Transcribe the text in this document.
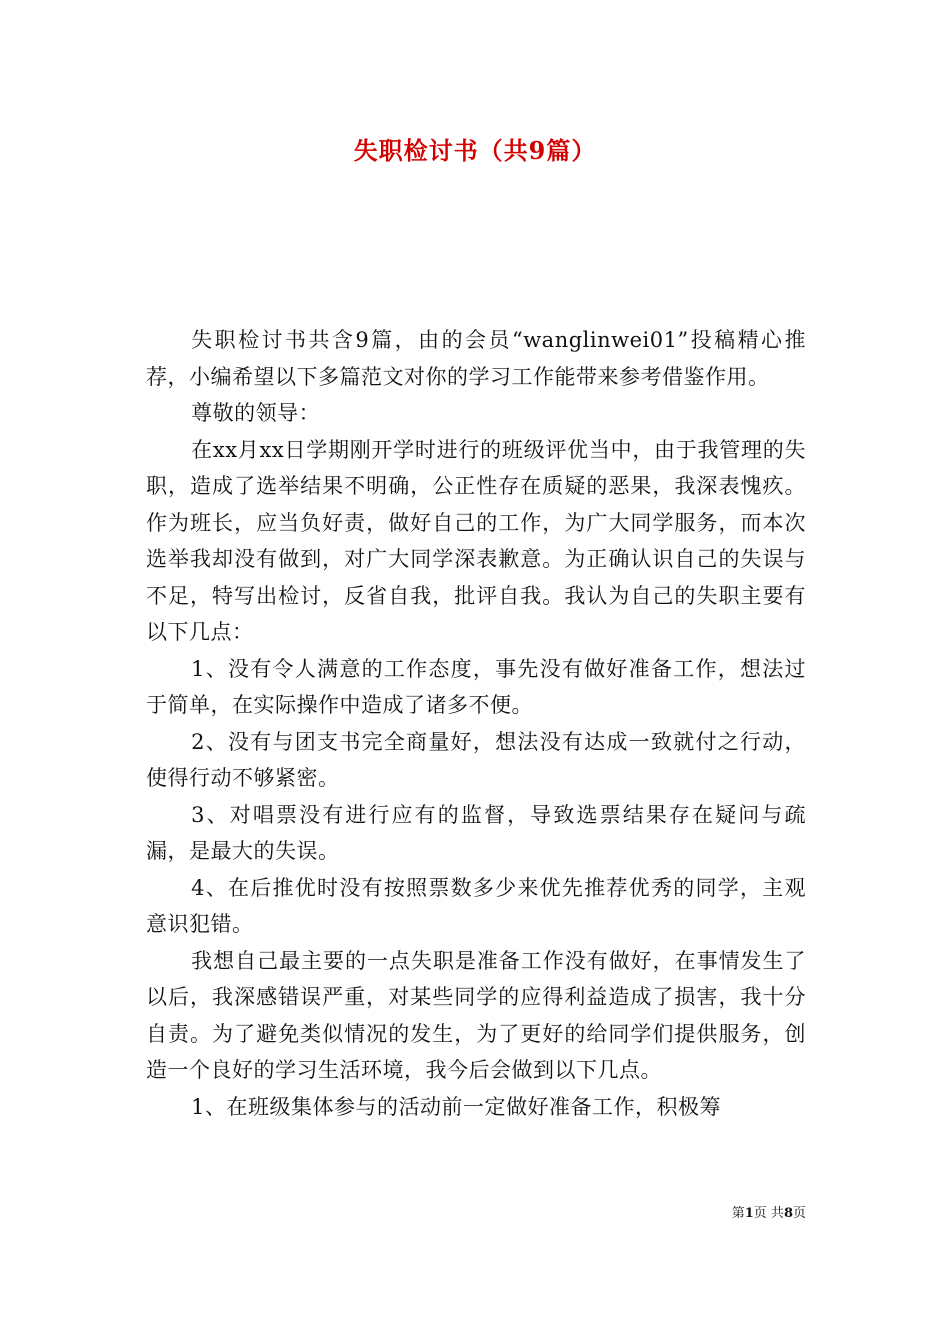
失职检讨书（共9篇）

失职检讨书共含9篇，由的会员“wanglinwei01”投稿精心推荐，小编希望以下多篇范文对你的学习工作能带来参考借鉴作用。

尊敬的领导：

在xx月xx日学期刚开学时进行的班级评优当中，由于我管理的失职，造成了选举结果不明确，公正性存在质疑的恶果，我深表愧疚。作为班长，应当负好责，做好自己的工作，为广大同学服务，而本次选举我却没有做到，对广大同学深表歉意。为正确认识自己的失误与不足，特写出检讨，反省自我，批评自我。我认为自己的失职主要有以下几点：

1、没有令人满意的工作态度，事先没有做好准备工作，想法过于简单，在实际操作中造成了诸多不便。

2、没有与团支书完全商量好，想法没有达成一致就付之行动，使得行动不够紧密。

3、对唱票没有进行应有的监督，导致选票结果存在疑问与疏漏，是最大的失误。

4、在后推优时没有按照票数多少来优先推荐优秀的同学，主观意识犯错。

我想自己最主要的一点失职是准备工作没有做好，在事情发生了以后，我深感错误严重，对某些同学的应得利益造成了损害，我十分自责。为了避免类似情况的发生，为了更好的给同学们提供服务，创造一个良好的学习生活环境，我今后会做到以下几点。

1、在班级集体参与的活动前一定做好准备工作，积极筹

第1页 共8页
